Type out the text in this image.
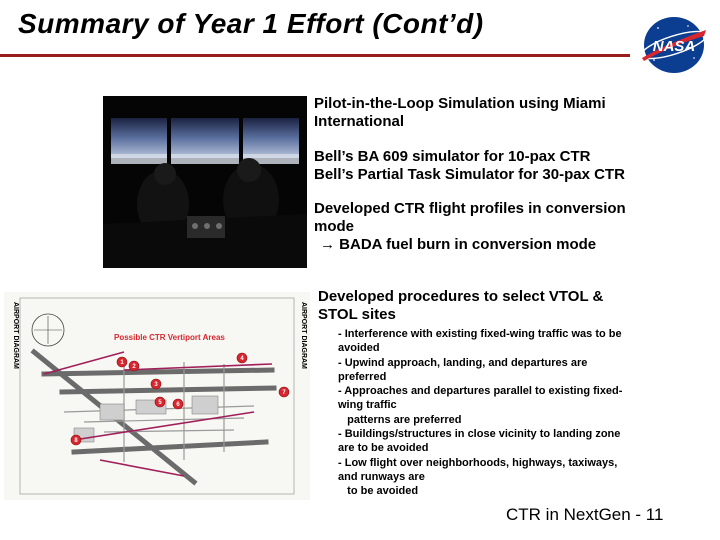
Summary of Year 1 Effort (Cont’d)
NASA
Pilot-in-the-Loop Simulation using Miami
International
Bell’s BA 609 simulator for 10-pax CTR
Bell’s Partial Task Simulator for 30-pax CTR
Developed CTR flight profiles in conversion
mode
→ BADA fuel burn in conversion mode
Developed procedures to select VTOL &
STOL sites
- Interference with existing fixed-wing traffic was to be
avoided
- Upwind approach, landing, and departures are
preferred
- Approaches and departures parallel to existing fixed-
wing traffic
patterns are preferred
- Buildings/structures in close vicinity to landing zone
are to be avoided
- Low flight over neighborhoods, highways, taxiways,
and runways are
to be avoided
AIRPORT DIAGRAM	AIRPORT DIAGRAM
Possible CTR Vertiport Areas
1
2
3
4
5 6
7
8
CTR in NextGen - 11
